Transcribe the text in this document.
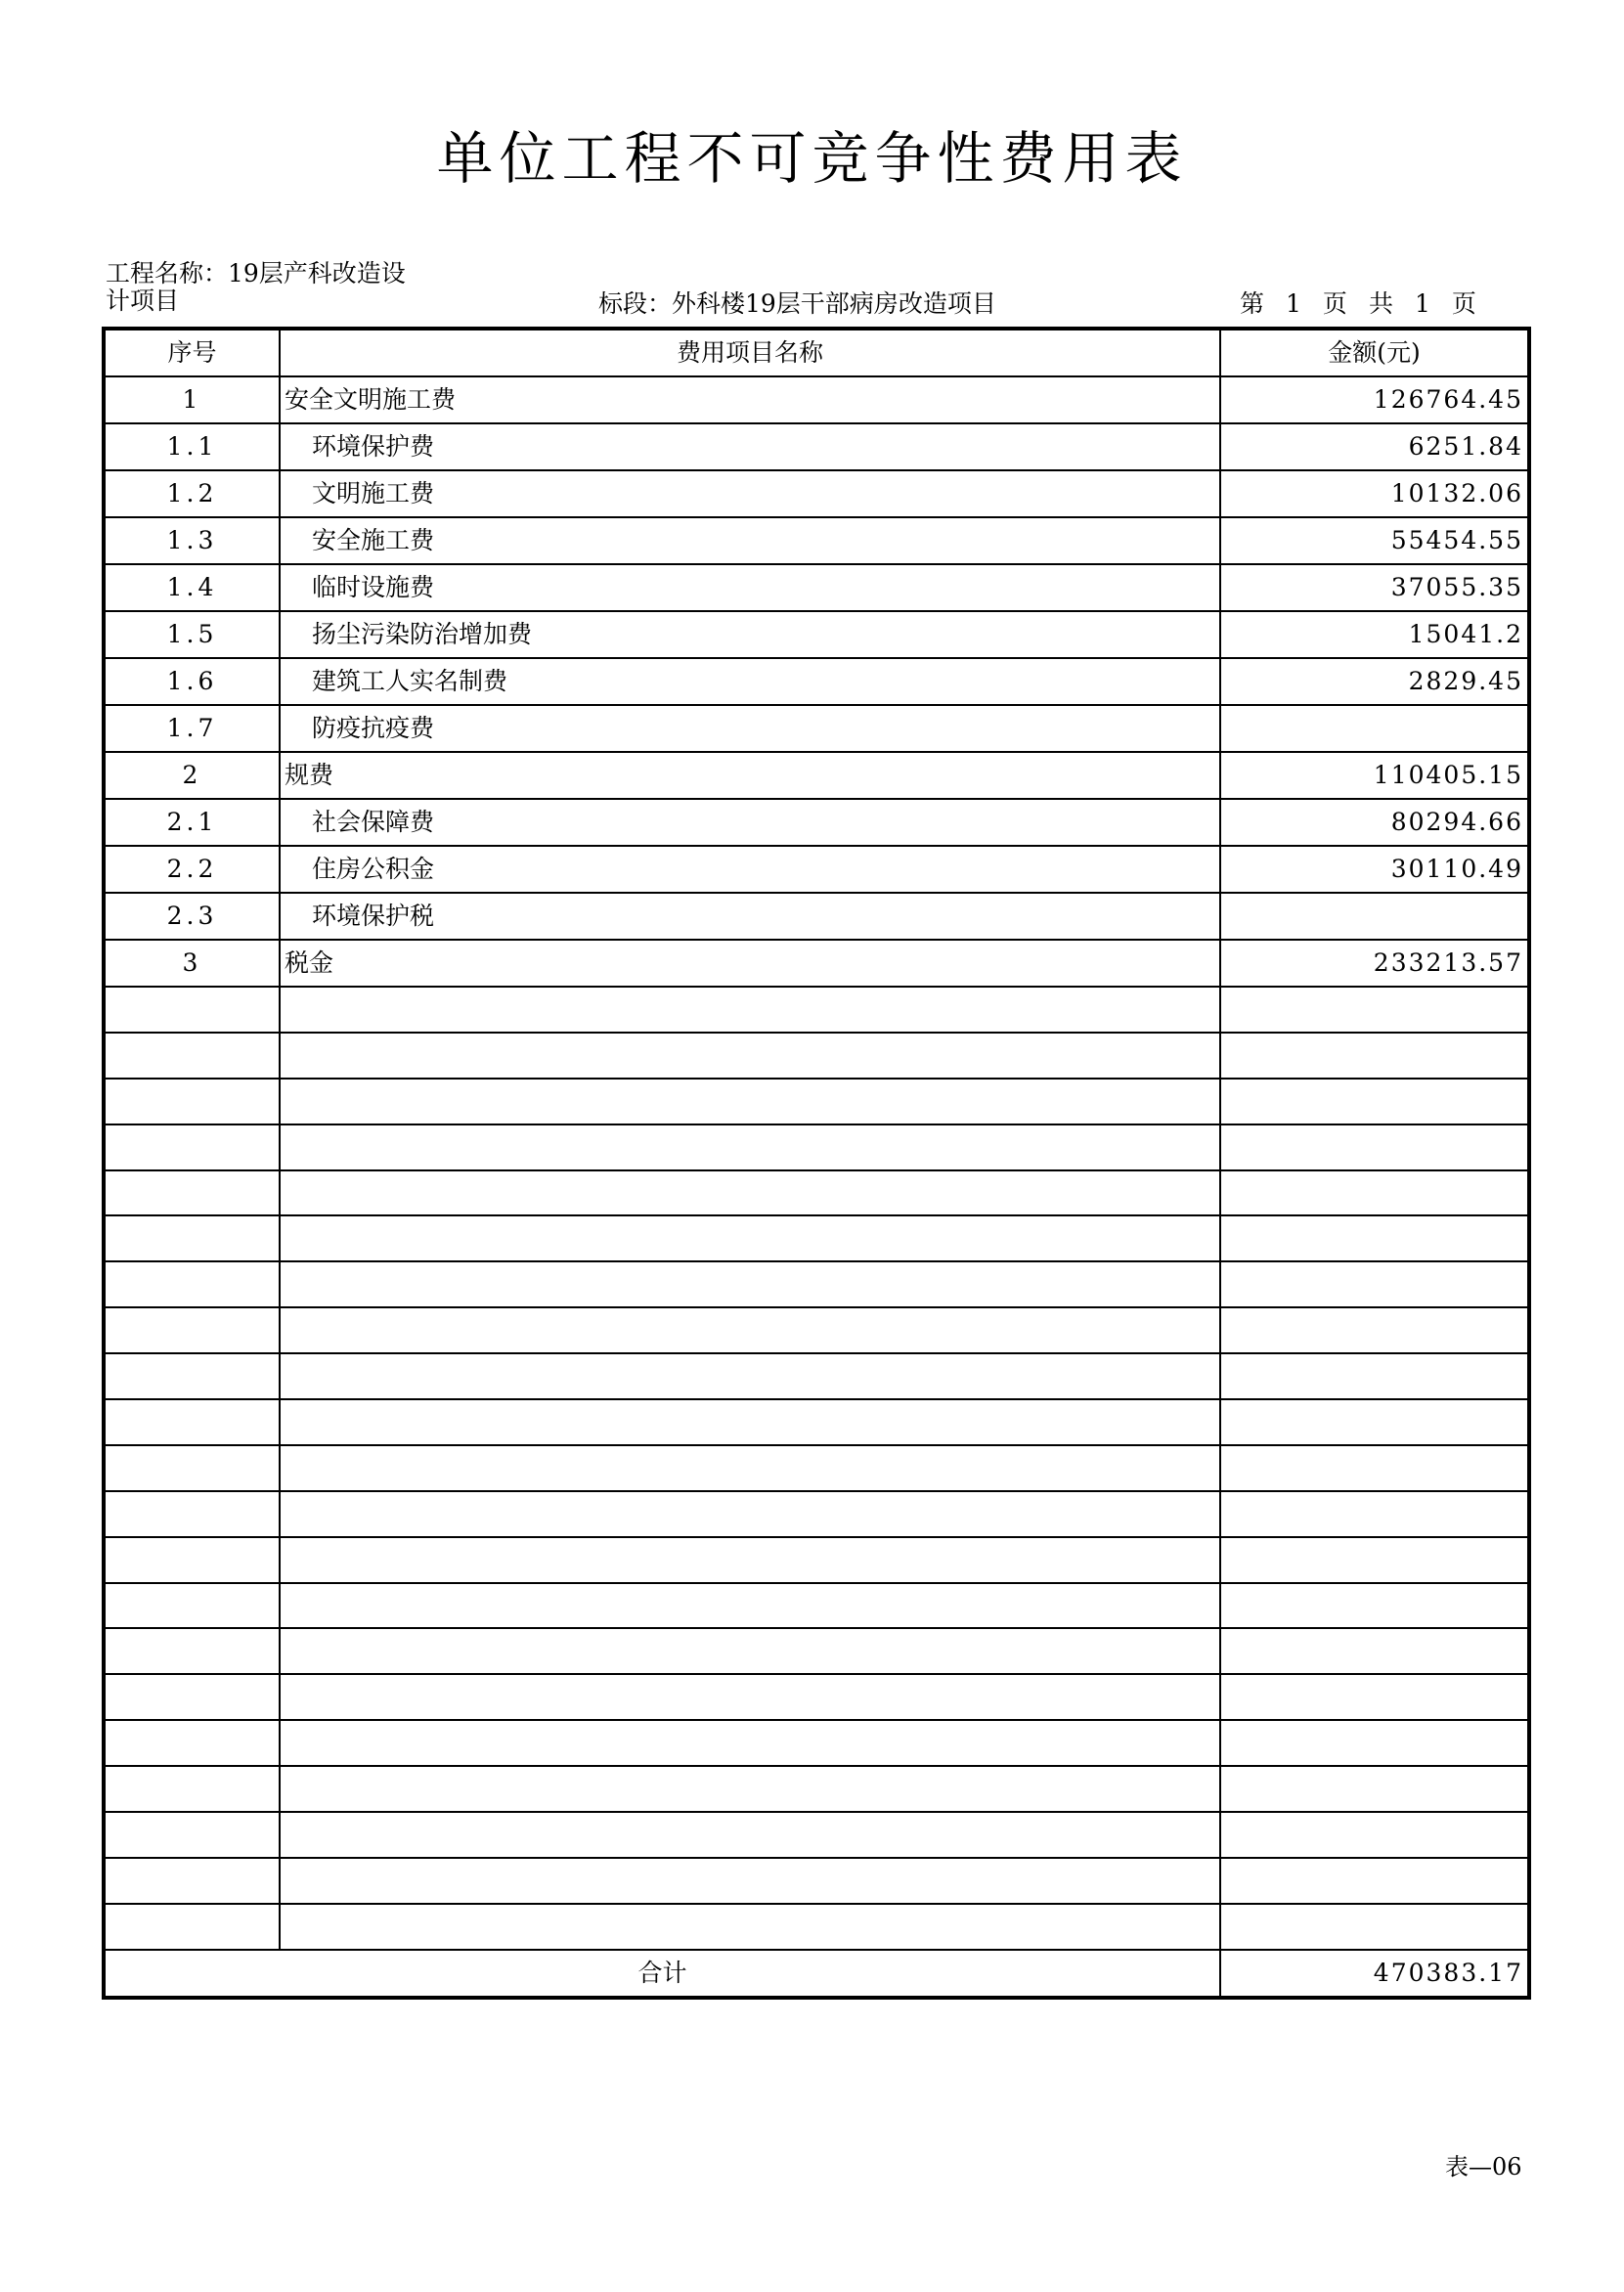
单位工程不可竞争性费用表
工程名称：19层产科改造设
计项目	标段：外科楼19层干部病房改造项目	第 1 页 共 1 页
序号	费用项目名称	金额(元)
1	安全文明施工费	126764.45
1.1	环境保护费	6251.84
1.2	文明施工费	10132.06
1.3	安全施工费	55454.55
1.4	临时设施费	37055.35
1.5	扬尘污染防治增加费	15041.2
1.6	建筑工人实名制费	2829.45
1.7	防疫抗疫费	
2	规费	110405.15
2.1	社会保障费	80294.66
2.2	住房公积金	30110.49
2.3	环境保护税	
3	税金	233213.57

合计		470383.17
表—06
